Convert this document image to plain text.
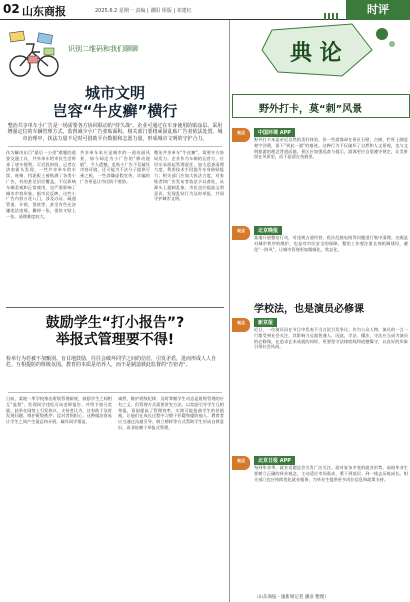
02 山东商报	2025.6.2 星期一 责编 | 谢阳 组版 | 祁建红	时评
识别二维码和我们聊聊
城市文明
岂容“牛皮癣”横行
整治共享单车小广告是一场需要各方协同联动的"持久战"。企业可通过在车身使用防贴涂层、采用增强定位的车辆管理方式，监督减少小广告张贴面积。相关部门要将顽固乱贴广告者依法处置。城市治理中，执法力量不足时可借助平台数据和志愿力量，形成城市文明的守护合力。
作为解决出行"最后一公里"难题的重要交通工具，共享单车给市民生活带来了诸多便利。可近段时间，记者在济南街头发现，一些共享单车的车筐、座椅、挡泥板上被贴满了各类小广告，有的甚至层层覆盖，不仅影响车辆美观和正常使用，也严重影响了城市市容形象。据市民反映，这些小广告内容五花八门，涉及办证、疏通管道、开锁、贷款等，甚至有些还涉嫌违法违规。撕掉一张，很快又贴上一张，清理难度较大。
共享单车本应是城市的一道亮丽风景，如今却沦为小广告的"移动展板"，令人遗憾。乱贴小广告不仅破坏市容环境，还可能为不法分子提供可乘之机，一些涉嫌虚假宣传、诈骗的广告更是让市民防不胜防。
整治共享单车"牛皮癣"，需要多方协同发力。企业作为车辆的运营方，应切实承担起管理责任，加大巡查清理力度，利用技术手段提升车身防贴能力；相关部门应加大执法力度，对张贴者和广告发布者依法予以查处，从源头上遏制乱象；市民也应提高文明意识，发现乱贴行为及时举报，共同守护城市文明。
鼓励学生“打小报告”?
举报式管理要不得!
检举行为若被不加甄别、盲目地鼓励，往往会破坏同学之间的信任，引发矛盾，进而形成人人自危、互相提防的班级氛围。教育的本质是培养人，而不是制造彼此监督的"告密者"。
日前，某地一所学校推出班级管理新规，鼓励学生之间相互"监督"，发现同学违纪可向老师报告，并给予加分奖励。此举在网络上引发热议。支持者认为，这有助于及时发现问题、维护班级秩序；反对者则担心，这种做法容易让学生之间产生猜忌和矛盾，破坏同学情谊。
诚然，维护班级纪律、及时掌握学生动态是班级管理的应有之义，但管理方式需要讲究方法。以奖励引导学生互相举报，看似提高了管理效率，实则可能扭曲学生的价值观，让他们在成长过程中习惯于怀疑和提防他人。教育者应当通过沟通引导、树立榜样等方式帮助学生形成自律意识，而非依赖于举报式管理。
典 论
野外打卡，莫“刺”风景
观点	中国环境 APP
野外打卡本是亲近自然的美好体验，但一些游客却在景区石壁、古树、栏杆上随意刻字涂鸦，留下"到此一游"的痕迹。这种行为不仅破坏了自然和人文景观，也与文明旅游的理念背道而驰。景区应加强巡查与提示，游客更应自觉遵守规定，让美景留在风景里，而不是留在伤痕里。
观点	北京晚报
某地开展整治行动，对违规占道经营、私拉乱接电线等问题进行集中清理。这既是对城市秩序的维护，也是对市民安全的保障。整治工作要注重长效机制建设，避免"一阵风"，让城市管理更加精细化、常态化。
学校法，也是演员必修课
观点	新京报
近日，一位演员因在节目中发表不当言论引发争议。作为公众人物，演员的一言一行都受到社会关注，其影响力远超普通人。因此，学法、懂法、守法应当成为演员的必修课，在追求艺术成就的同时，更要坚守法律底线和道德操守，以良好的形象引领社会风尚。
观点	北京日报 APP
每到毕业季，就业话题总会引发广泛关注。面对复杂多变的就业形势，高校毕业生要树立正确的择业观念，主动适应市场需求，勇于到基层、到一线去历练成长。相关部门也应持续优化就业服务，为毕业生提供更多岗位信息和政策支持。
（山东商报 · 速新闻记者 潘彦 整理）
